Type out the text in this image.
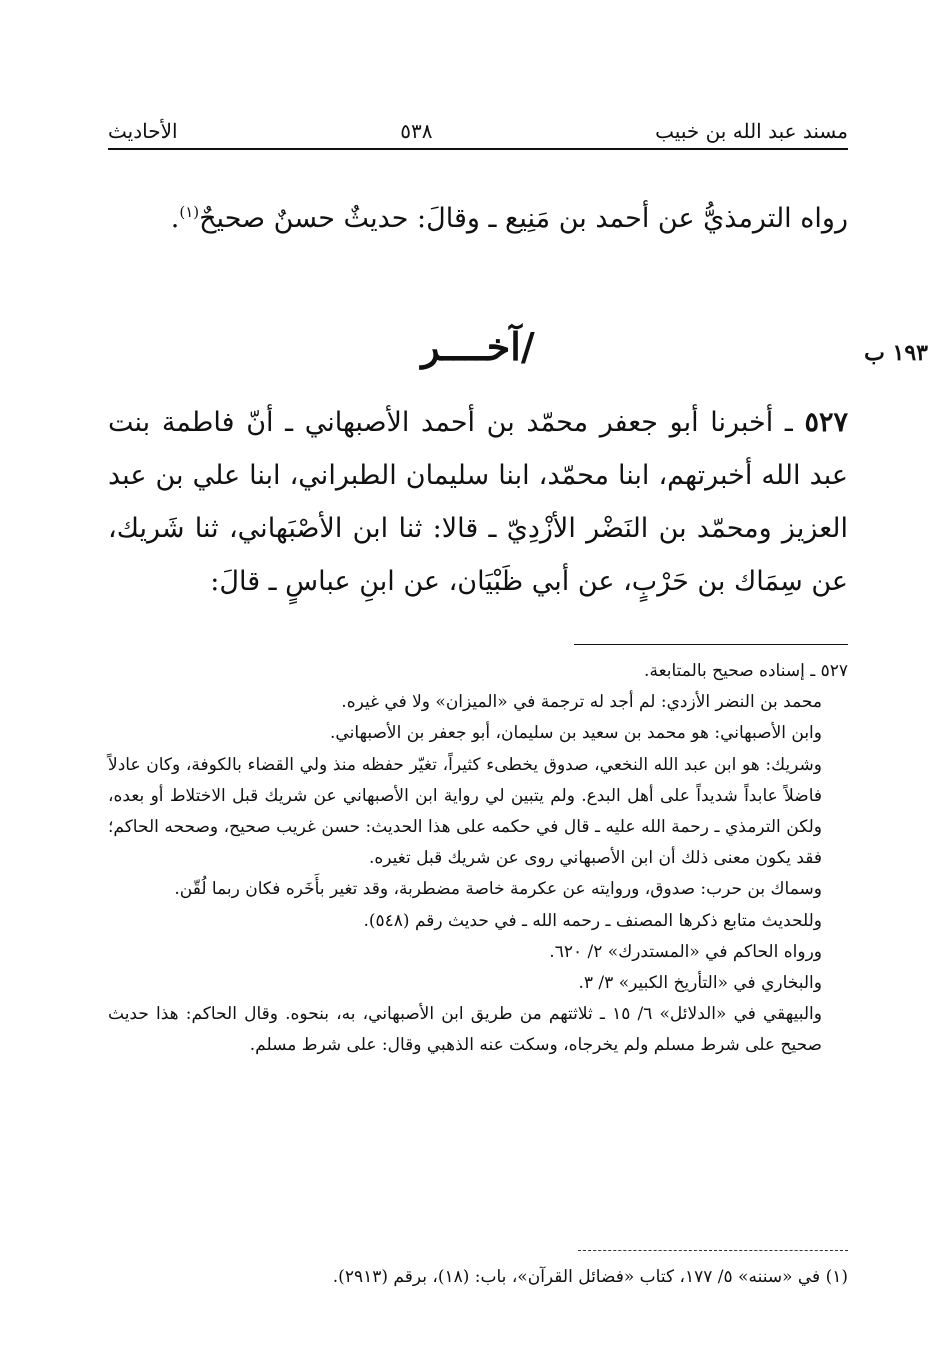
الأحاديث	٥٣٨	مسند عبد الله بن خبيب

رواه الترمذيُّ عن أحمد بن مَنِيع ـ وقالَ: حديثٌ حسنٌ صحيحٌ$^{(١)}$.

/آخــــر	١٩٣ ب

٥٢٧ ـ أخبرنا أبو جعفر محمّد بن أحمد الأصبهاني ـ أنّ فاطمة بنت عبد الله أخبرتهم، ابنا محمّد، ابنا سليمان الطبراني، ابنا علي بن عبد العزيز ومحمّد بن النَضْر الأزْدِيّ ـ قالا: ثنا ابن الأصْبَهاني، ثنا شَريك، عن سِمَاك بن حَرْبٍ، عن أبي ظَبْيَان، عن ابنِ عباسٍ ـ قالَ:

٥٢٧ ـ إسناده صحيح بالمتابعة.

محمد بن النضر الأزدي: لم أجد له ترجمة في «الميزان» ولا في غيره.

وابن الأصبهاني: هو محمد بن سعيد بن سليمان، أبو جعفر بن الأصبهاني.

وشريك: هو ابن عبد الله النخعي، صدوق يخطىء كثيراً، تغيّر حفظه منذ ولي القضاء بالكوفة، وكان عادلاً فاضلاً عابداً شديداً على أهل البدع. ولم يتبين لي رواية ابن الأصبهاني عن شريك قبل الاختلاط أو بعده، ولكن الترمذي ـ رحمة الله عليه ـ قال في حكمه على هذا الحديث: حسن غريب صحيح، وصححه الحاكم؛ فقد يكون معنى ذلك أن ابن الأصبهاني روى عن شريك قبل تغيره.

وسماك بن حرب: صدوق، وروايته عن عكرمة خاصة مضطربة، وقد تغير بأَخَره فكان ربما لُقّن.

وللحديث متابع ذكرها المصنف ـ رحمه الله ـ في حديث رقم (٥٤٨).

ورواه الحاكم في «المستدرك» ٢/ ٦٢٠.

والبخاري في «التأريخ الكبير» ٣/ ٣.

والبيهقي في «الدلائل» ٦/ ١٥ ـ ثلاثتهم من طريق ابن الأصبهاني، به، بنحوه. وقال الحاكم: هذا حديث صحيح على شرط مسلم ولم يخرجاه، وسكت عنه الذهبي وقال: على شرط مسلم.

(١) في «سننه» ٥/ ١٧٧، كتاب «فضائل القرآن»، باب: (١٨)، برقم (٢٩١٣).
